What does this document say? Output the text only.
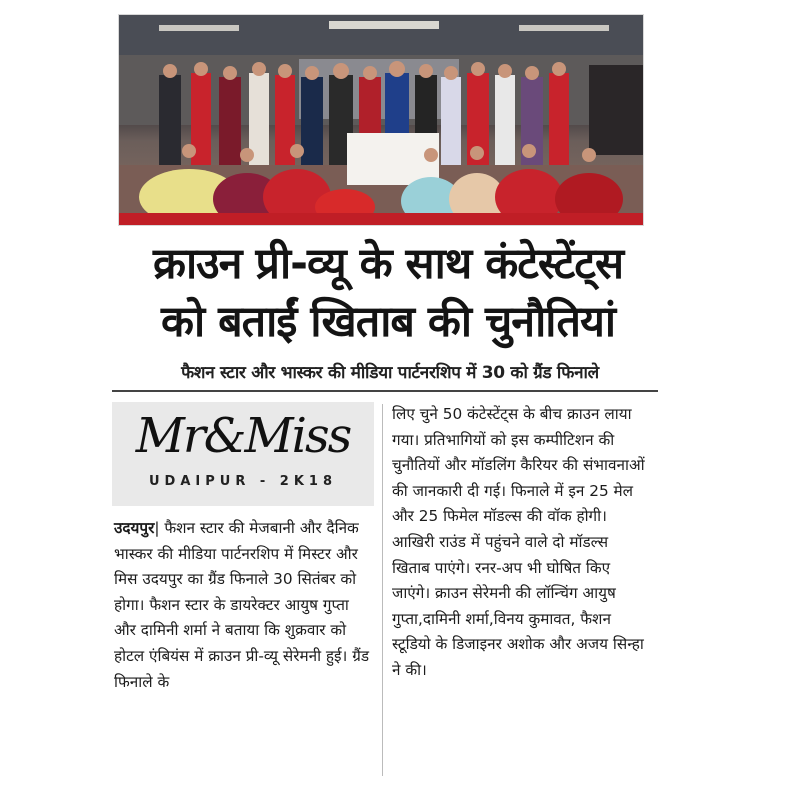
क्राउन प्री-व्यू के साथ कंटेस्टेंट्स
को बताईं खिताब की चुनौतियां
फैशन स्टार और भास्कर की मीडिया पार्टनरशिप में 30 को ग्रैंड फिनाले
Mr&Miss
UDAIPUR - 2K18

उदयपुर| फैशन स्टार की मेजबानी और दैनिक भास्कर की मीडिया पार्टनरशिप में मिस्टर और मिस उदयपुर का ग्रैंड फिनाले 30 सितंबर को होगा। फैशन स्टार के डायरेक्टर आयुष गुप्ता और दामिनी शर्मा ने बताया कि शुक्रवार को होटल एंबियंस में क्राउन प्री-व्यू सेरेमनी हुई। ग्रैंड फिनाले के

लिए चुने 50 कंटेस्टेंट्स के बीच क्राउन लाया गया। प्रतिभागियों को इस कम्पीटिशन की चुनौतियों और मॉडलिंग कैरियर की संभावनाओं की जानकारी दी गई। फिनाले में इन 25 मेल और 25 फिमेल मॉडल्स की वॉक होगी। आखिरी राउंड में पहुंचने वाले दो मॉडल्स खिताब पाएंगे। रनर-अप भी घोषित किए जाएंगे। क्राउन सेरेमनी की लॉन्चिंग आयुष गुप्ता,दामिनी शर्मा,विनय कुमावत, फैशन स्टूडियो के डिजाइनर अशोक और अजय सिन्हा ने की।
